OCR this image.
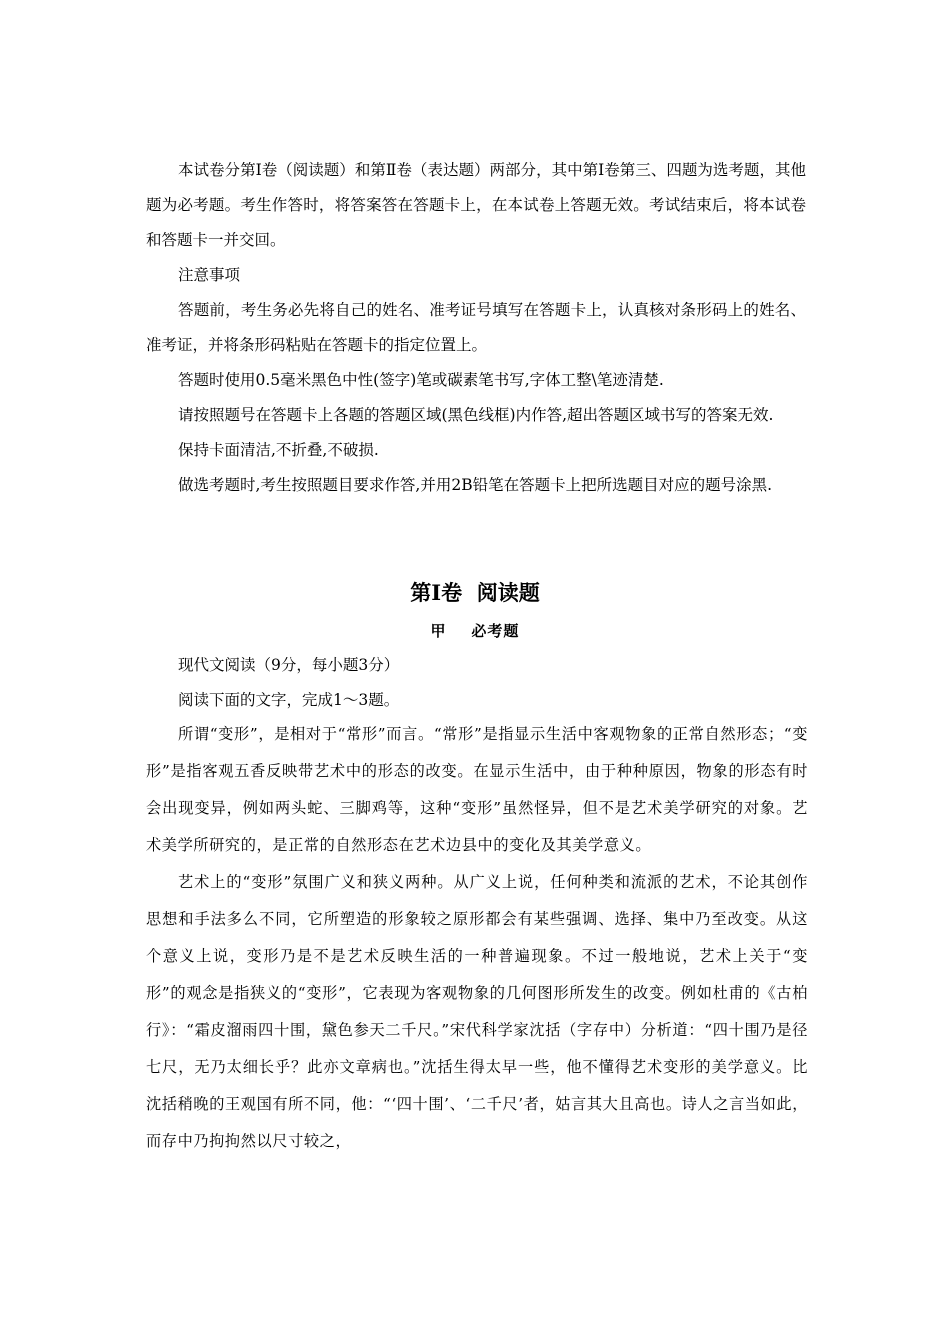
本试卷分第Ⅰ卷（阅读题）和第Ⅱ卷（表达题）两部分，其中第Ⅰ卷第三、四题为选考题，其他题为必考题。考生作答时，将答案答在答题卡上，在本试卷上答题无效。考试结束后，将本试卷和答题卡一并交回。

注意事项

答题前，考生务必先将自己的姓名、准考证号填写在答题卡上，认真核对条形码上的姓名、准考证，并将条形码粘贴在答题卡的指定位置上。

答题时使用0.5毫米黑色中性(签字)笔或碳素笔书写,字体工整\笔迹清楚.

请按照题号在答题卡上各题的答题区域(黑色线框)内作答,超出答题区域书写的答案无效.

保持卡面清洁,不折叠,不破损.

做选考题时,考生按照题目要求作答,并用2B铅笔在答题卡上把所选题目对应的题号涂黑.

第Ⅰ卷  阅读题
甲    必考题

现代文阅读（9分，每小题3分）

阅读下面的文字，完成1～3题。

所谓“变形”，是相对于“常形”而言。“常形”是指显示生活中客观物象的正常自然形态；“变形”是指客观五香反映带艺术中的形态的改变。在显示生活中，由于种种原因，物象的形态有时会出现变异，例如两头蛇、三脚鸡等，这种“变形”虽然怪异，但不是艺术美学研究的对象。艺术美学所研究的，是正常的自然形态在艺术边县中的变化及其美学意义。

艺术上的“变形”氛围广义和狭义两种。从广义上说，任何种类和流派的艺术，不论其创作思想和手法多么不同，它所塑造的形象较之原形都会有某些强调、选择、集中乃至改变。从这个意义上说，变形乃是不是艺术反映生活的一种普遍现象。不过一般地说，艺术上关于“变形”的观念是指狭义的“变形”，它表现为客观物象的几何图形所发生的改变。例如杜甫的《古柏行》：“霜皮溜雨四十围，黛色参天二千尺。”宋代科学家沈括（字存中）分析道：“四十围乃是径七尺，无乃太细长乎？此亦文章病也。”沈括生得太早一些，他不懂得艺术变形的美学意义。比沈括稍晚的王观国有所不同，他：“‘四十围’、‘二千尺’者，姑言其大且高也。诗人之言当如此，而存中乃拘拘然以尺寸较之，
